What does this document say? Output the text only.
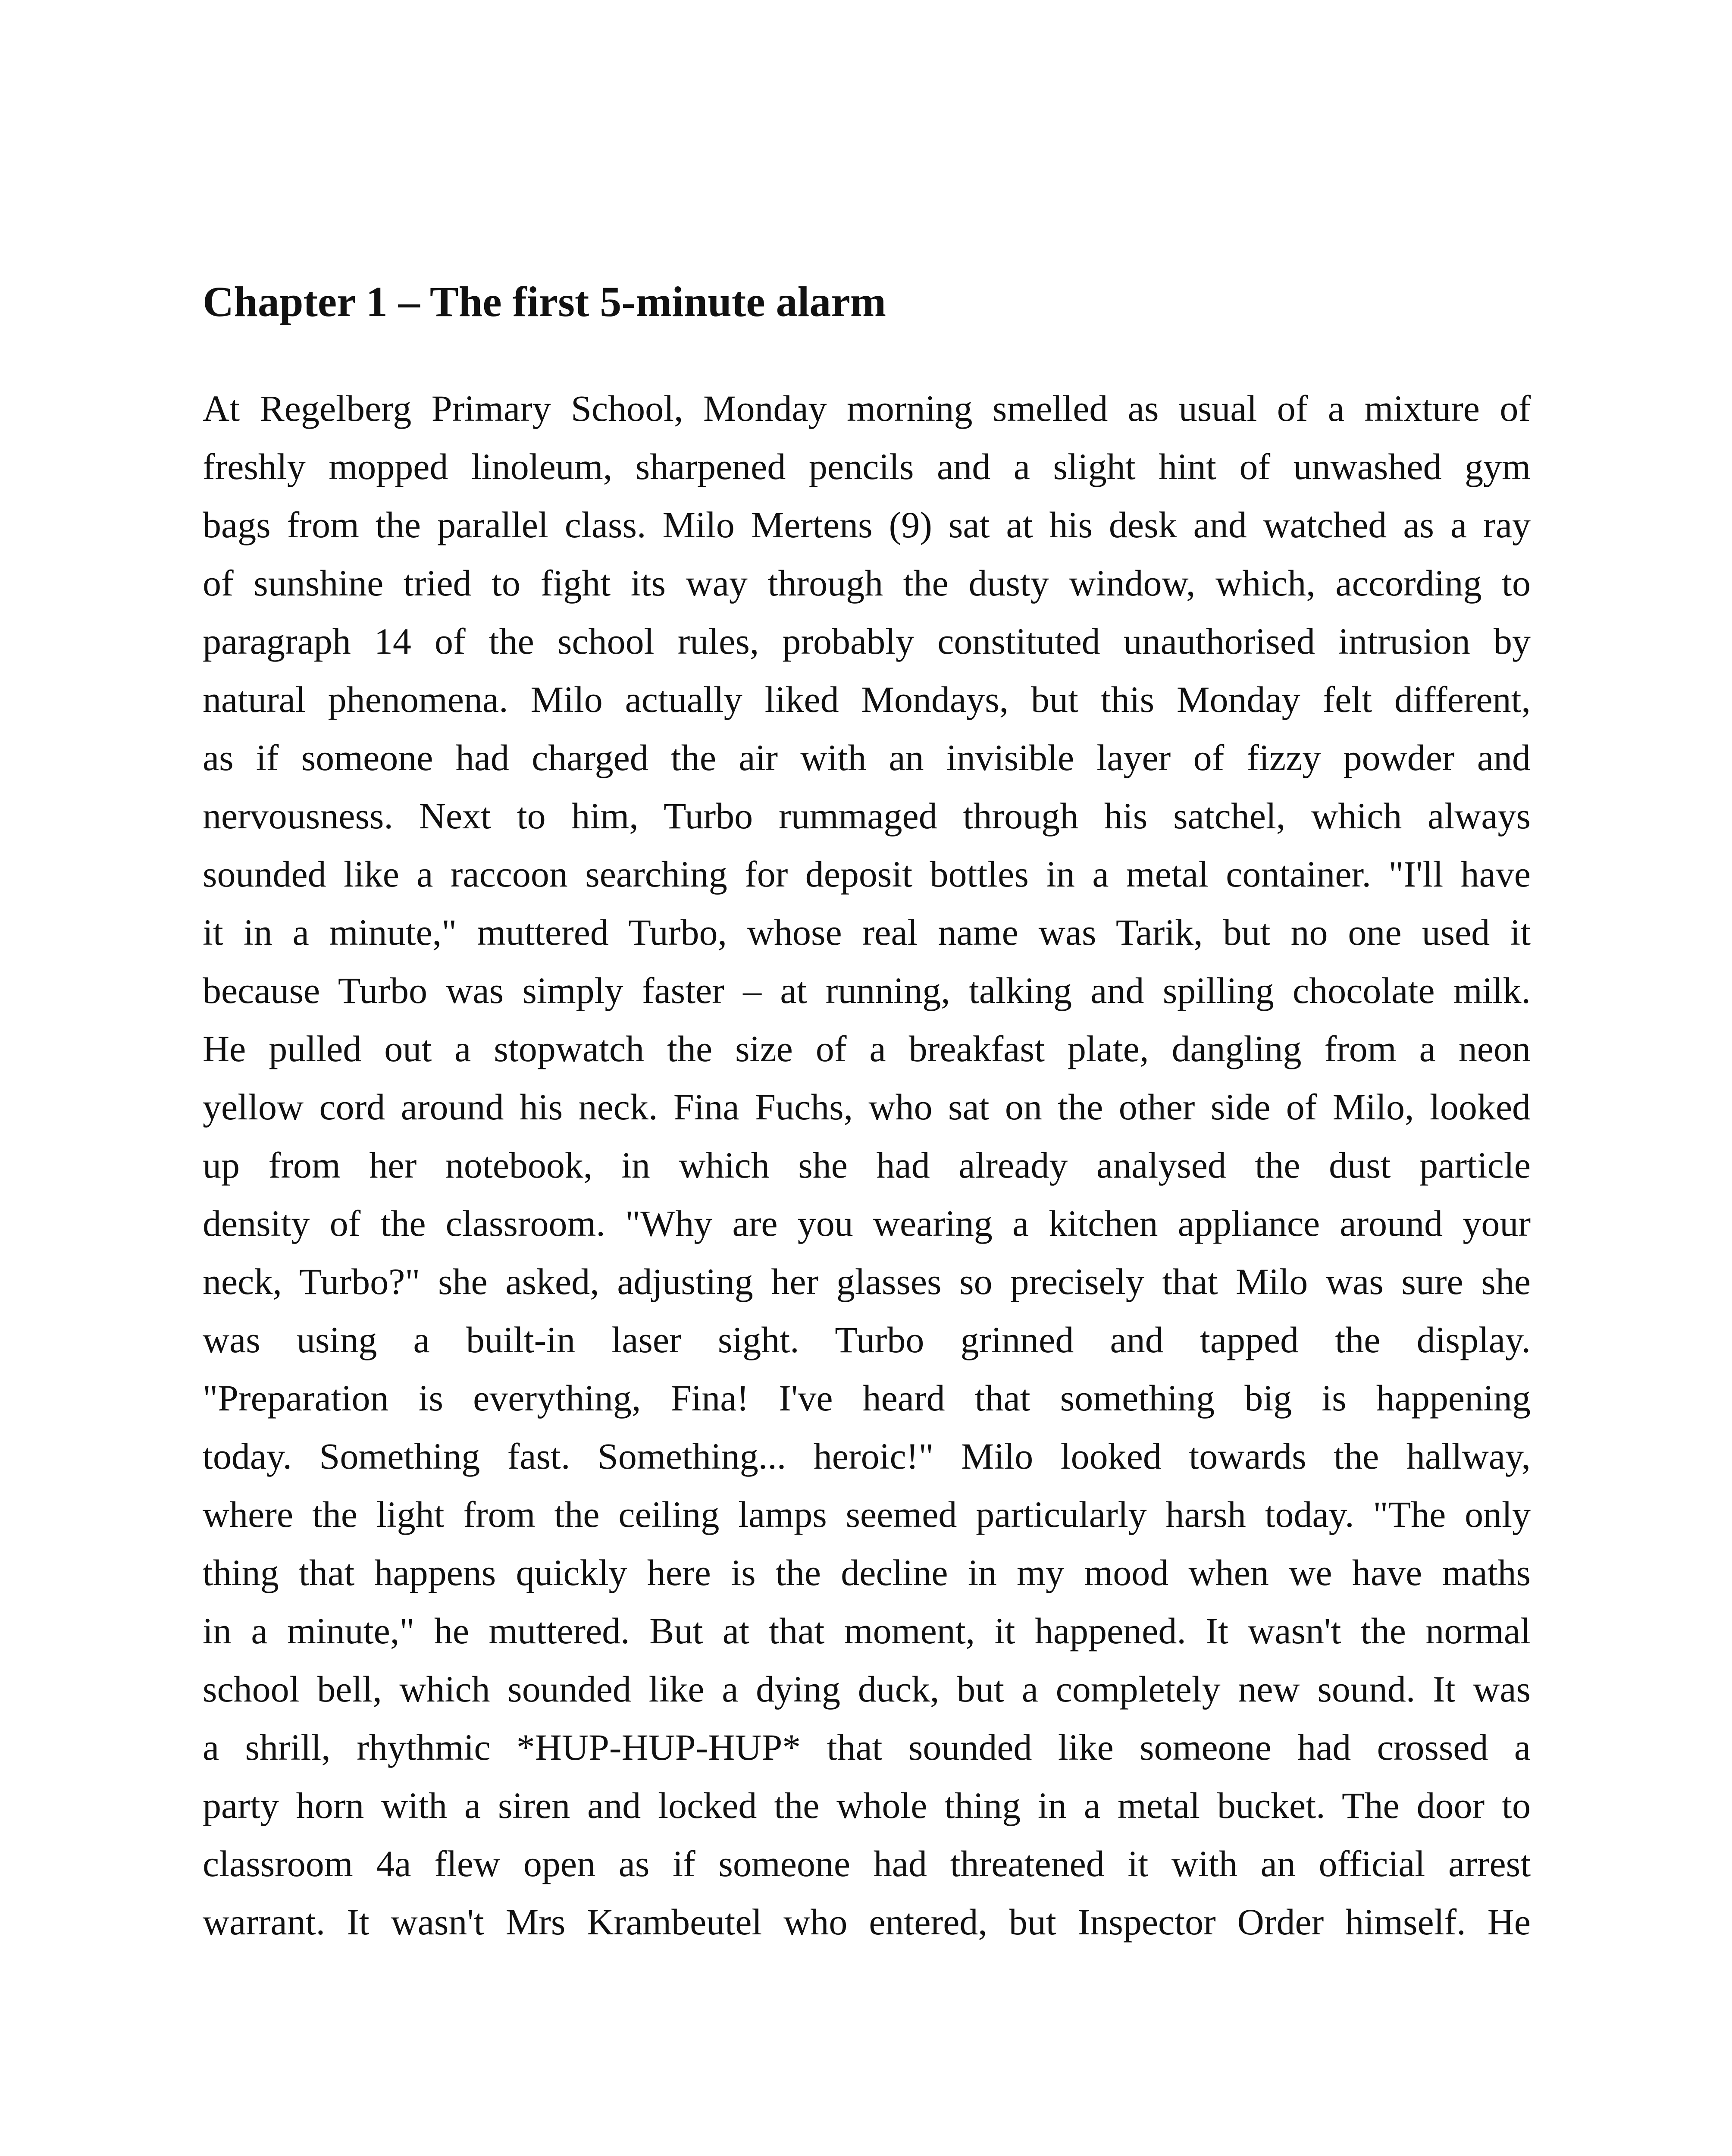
Chapter 1 – The first 5-minute alarm
At Regelberg Primary School, Monday morning smelled as usual of a mixture of
freshly mopped linoleum, sharpened pencils and a slight hint of unwashed gym
bags from the parallel class. Milo Mertens (9) sat at his desk and watched as a ray
of sunshine tried to fight its way through the dusty window, which, according to
paragraph 14 of the school rules, probably constituted unauthorised intrusion by
natural phenomena. Milo actually liked Mondays, but this Monday felt different,
as if someone had charged the air with an invisible layer of fizzy powder and
nervousness. Next to him, Turbo rummaged through his satchel, which always
sounded like a raccoon searching for deposit bottles in a metal container. "I'll have
it in a minute," muttered Turbo, whose real name was Tarik, but no one used it
because Turbo was simply faster – at running, talking and spilling chocolate milk.
He pulled out a stopwatch the size of a breakfast plate, dangling from a neon
yellow cord around his neck. Fina Fuchs, who sat on the other side of Milo, looked
up from her notebook, in which she had already analysed the dust particle
density of the classroom. "Why are you wearing a kitchen appliance around your
neck, Turbo?" she asked, adjusting her glasses so precisely that Milo was sure she
was using a built-in laser sight. Turbo grinned and tapped the display.
"Preparation is everything, Fina! I've heard that something big is happening
today. Something fast. Something... heroic!" Milo looked towards the hallway,
where the light from the ceiling lamps seemed particularly harsh today. "The only
thing that happens quickly here is the decline in my mood when we have maths
in a minute," he muttered. But at that moment, it happened. It wasn't the normal
school bell, which sounded like a dying duck, but a completely new sound. It was
a shrill, rhythmic *HUP-HUP-HUP* that sounded like someone had crossed a
party horn with a siren and locked the whole thing in a metal bucket. The door to
classroom 4a flew open as if someone had threatened it with an official arrest
warrant. It wasn't Mrs Krambeutel who entered, but Inspector Order himself. He
